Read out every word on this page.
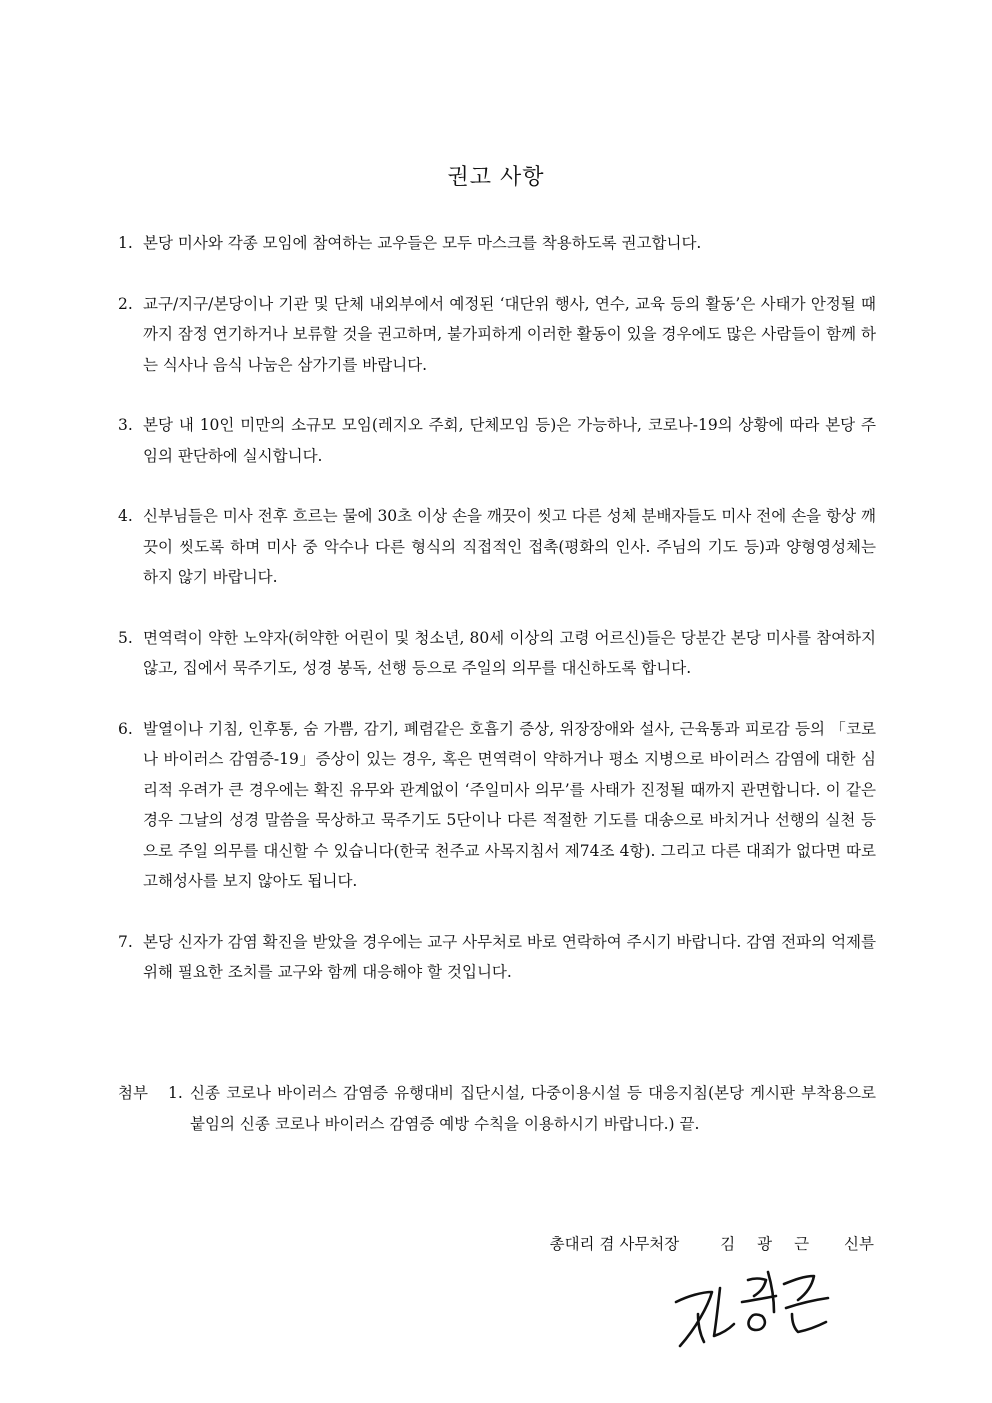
권고 사항
1. 본당 미사와 각종 모임에 참여하는 교우들은 모두 마스크를 착용하도록 권고합니다.
2. 교구/지구/본당이나 기관 및 단체 내외부에서 예정된 ‘대단위 행사, 연수, 교육 등의 활동’은 사태가 안정될 때까지 잠정 연기하거나 보류할 것을 권고하며, 불가피하게 이러한 활동이 있을 경우에도 많은 사람들이 함께 하는 식사나 음식 나눔은 삼가기를 바랍니다.
3. 본당 내 10인 미만의 소규모 모임(레지오 주회, 단체모임 등)은 가능하나, 코로나-19의 상황에 따라 본당 주임의 판단하에 실시합니다.
4. 신부님들은 미사 전후 흐르는 물에 30초 이상 손을 깨끗이 씻고 다른 성체 분배자들도 미사 전에 손을 항상 깨끗이 씻도록 하며 미사 중 악수나 다른 형식의 직접적인 접촉(평화의 인사. 주님의 기도 등)과 양형영성체는 하지 않기 바랍니다.
5. 면역력이 약한 노약자(허약한 어린이 및 청소년, 80세 이상의 고령 어르신)들은 당분간 본당 미사를 참여하지 않고, 집에서 묵주기도, 성경 봉독, 선행 등으로 주일의 의무를 대신하도록 합니다.
6. 발열이나 기침, 인후통, 숨 가쁨, 감기, 폐렴같은 호흡기 증상, 위장장애와 설사, 근육통과 피로감 등의 「코로나 바이러스 감염증-19」증상이 있는 경우, 혹은 면역력이 약하거나 평소 지병으로 바이러스 감염에 대한 심리적 우려가 큰 경우에는 확진 유무와 관계없이 ‘주일미사 의무’를 사태가 진정될 때까지 관면합니다. 이 같은 경우 그날의 성경 말씀을 묵상하고 묵주기도 5단이나 다른 적절한 기도를 대송으로 바치거나 선행의 실천 등으로 주일 의무를 대신할 수 있습니다(한국 천주교 사목지침서 제74조 4항). 그리고 다른 대죄가 없다면 따로 고해성사를 보지 않아도 됩니다.
7. 본당 신자가 감염 확진을 받았을 경우에는 교구 사무처로 바로 연락하여 주시기 바랍니다. 감염 전파의 억제를 위해 필요한 조치를 교구와 함께 대응해야 할 것입니다.
첨부 1. 신종 코로나 바이러스 감염증 유행대비 집단시설, 다중이용시설 등 대응지침(본당 게시판 부착용으로 붙임의 신종 코로나 바이러스 감염증 예방 수칙을 이용하시기 바랍니다.) 끝.
총대리 겸 사무처장	김광근 신부
